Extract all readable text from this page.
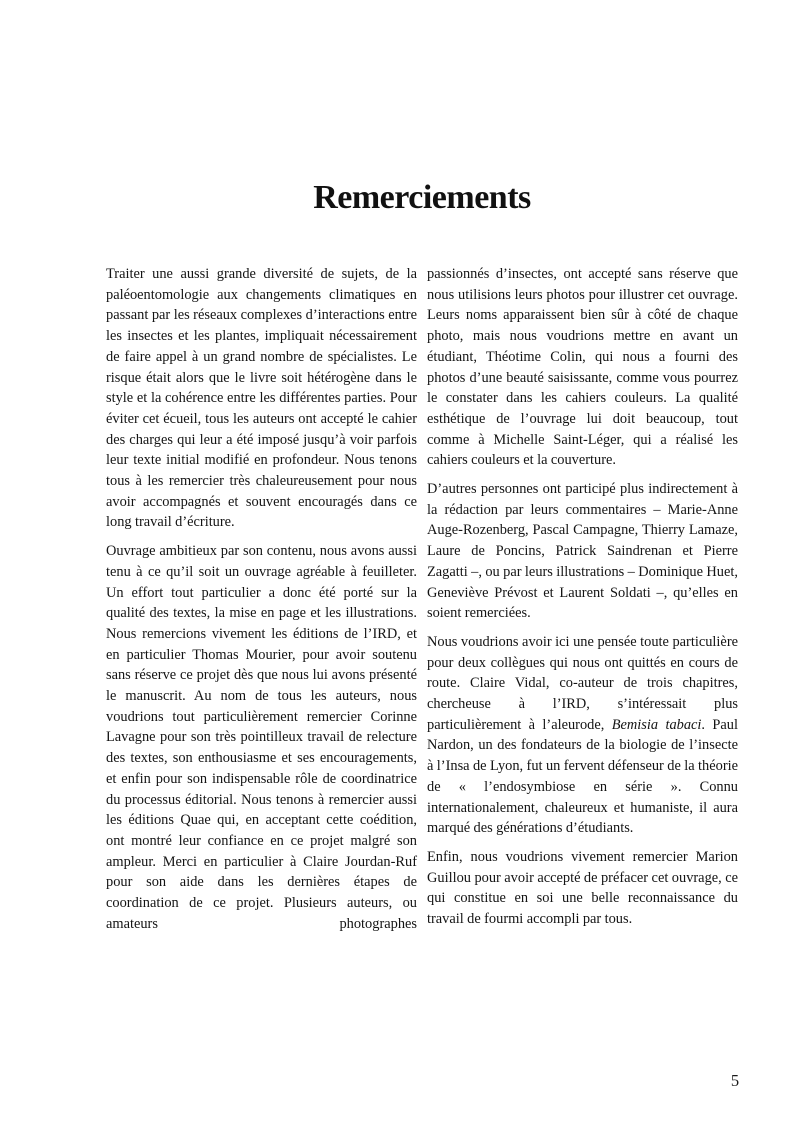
Remerciements

Traiter une aussi grande diversité de sujets, de la paléoentomologie aux changements climatiques en passant par les réseaux complexes d’interactions entre les insectes et les plantes, impliquait nécessairement de faire appel à un grand nombre de spécialistes. Le risque était alors que le livre soit hétérogène dans le style et la cohérence entre les différentes parties. Pour éviter cet écueil, tous les auteurs ont accepté le cahier des charges qui leur a été imposé jusqu’à voir parfois leur texte initial modifié en profondeur. Nous tenons tous à les remercier très chaleureusement pour nous avoir accompagnés et souvent encouragés dans ce long travail d’écriture.

Ouvrage ambitieux par son contenu, nous avons aussi tenu à ce qu’il soit un ouvrage agréable à feuilleter. Un effort tout particulier a donc été porté sur la qualité des textes, la mise en page et les illustrations. Nous remercions vivement les éditions de l’IRD, et en particulier Thomas Mourier, pour avoir soutenu sans réserve ce projet dès que nous lui avons présenté le manuscrit. Au nom de tous les auteurs, nous voudrions tout particulièrement remercier Corinne Lavagne pour son très pointilleux travail de relecture des textes, son enthousiasme et ses encouragements, et enfin pour son indispensable rôle de coordinatrice du processus éditorial. Nous tenons à remercier aussi les éditions Quae qui, en acceptant cette coédition, ont montré leur confiance en ce projet malgré son ampleur. Merci en particulier à Claire Jourdan-Ruf pour son aide dans les dernières étapes de coordination de ce projet. Plusieurs auteurs, ou amateurs photographes

passionnés d’insectes, ont accepté sans réserve que nous utilisions leurs photos pour illustrer cet ouvrage. Leurs noms apparaissent bien sûr à côté de chaque photo, mais nous voudrions mettre en avant un étudiant, Théotime Colin, qui nous a fourni des photos d’une beauté saisissante, comme vous pourrez le constater dans les cahiers couleurs. La qualité esthétique de l’ouvrage lui doit beaucoup, tout comme à Michelle Saint-Léger, qui a réalisé les cahiers couleurs et la couverture.

D’autres personnes ont participé plus indirectement à la rédaction par leurs commentaires – Marie-Anne Auge-Rozenberg, Pascal Campagne, Thierry Lamaze, Laure de Poncins, Patrick Saindrenan et Pierre Zagatti –, ou par leurs illustrations – Dominique Huet, Geneviève Prévost et Laurent Soldati –, qu’elles en soient remerciées.

Nous voudrions avoir ici une pensée toute particulière pour deux collègues qui nous ont quittés en cours de route. Claire Vidal, co-auteur de trois chapitres, chercheuse à l’IRD, s’intéressait plus particulièrement à l’aleurode, Bemisia tabaci. Paul Nardon, un des fondateurs de la biologie de l’insecte à l’Insa de Lyon, fut un fervent défenseur de la théorie de « l’endosymbiose en série ». Connu internationalement, chaleureux et humaniste, il aura marqué des générations d’étudiants.

Enfin, nous voudrions vivement remercier Marion Guillou pour avoir accepté de préfacer cet ouvrage, ce qui constitue en soi une belle reconnaissance du travail de fourmi accompli par tous.

5
